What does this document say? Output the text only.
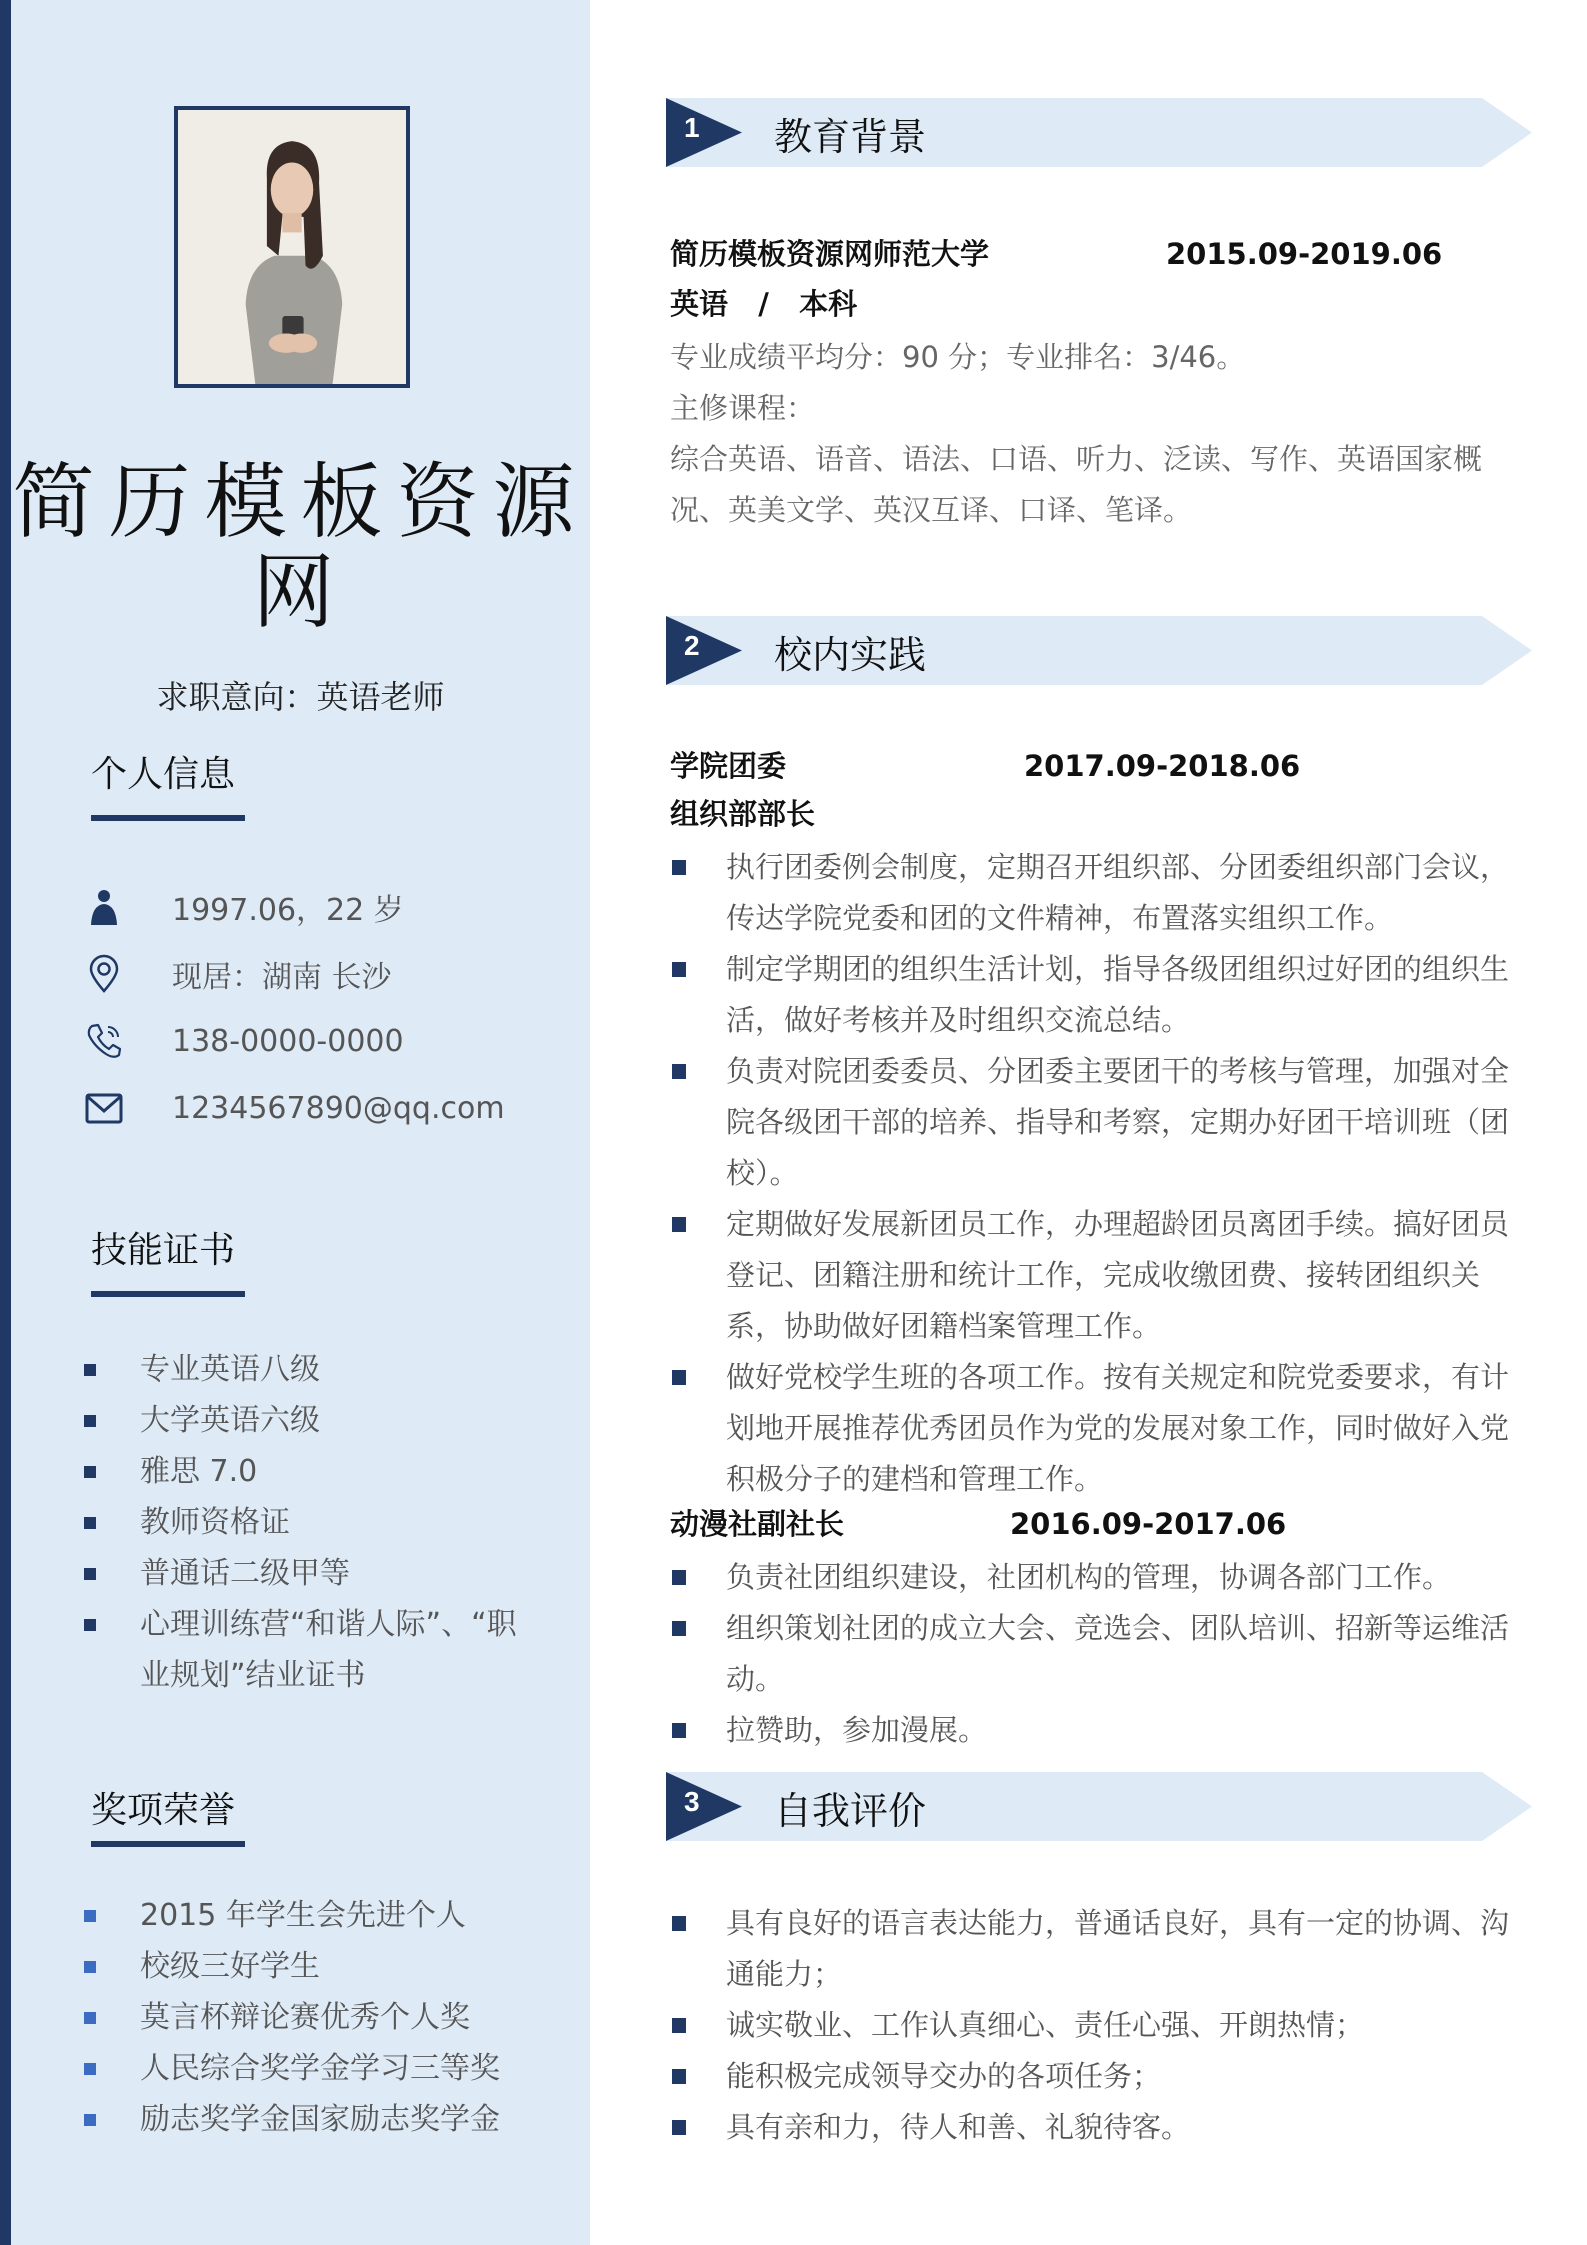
简历模板资源网
求职意向：英语老师
个人信息
1997.06，22 岁
现居：湖南 长沙
138-0000-0000
1234567890@qq.com
技能证书
专业英语八级
大学英语六级
雅思 7.0
教师资格证
普通话二级甲等
心理训练营“和谐人际”、“职业规划”结业证书
奖项荣誉
2015 年学生会先进个人
校级三好学生
莫言杯辩论赛优秀个人奖
人民综合奖学金学习三等奖
励志奖学金国家励志奖学金
1 教育背景
简历模板资源网师范大学	2015.09-2019.06
英语   /   本科
专业成绩平均分：90 分；专业排名：3/46。
主修课程：
综合英语、语音、语法、口语、听力、泛读、写作、英语国家概况、英美文学、英汉互译、口译、笔译。
2 校内实践
学院团委	2017.09-2018.06
组织部部长
执行团委例会制度，定期召开组织部、分团委组织部门会议，传达学院党委和团的文件精神，布置落实组织工作。
制定学期团的组织生活计划，指导各级团组织过好团的组织生活，做好考核并及时组织交流总结。
负责对院团委委员、分团委主要团干的考核与管理，加强对全院各级团干部的培养、指导和考察，定期办好团干培训班（团校）。
定期做好发展新团员工作，办理超龄团员离团手续。搞好团员登记、团籍注册和统计工作，完成收缴团费、接转团组织关系，协助做好团籍档案管理工作。
做好党校学生班的各项工作。按有关规定和院党委要求，有计划地开展推荐优秀团员作为党的发展对象工作，同时做好入党积极分子的建档和管理工作。
动漫社副社长	2016.09-2017.06
负责社团组织建设，社团机构的管理，协调各部门工作。
组织策划社团的成立大会、竞选会、团队培训、招新等运维活动。
拉赞助，参加漫展。
3 自我评价
具有良好的语言表达能力，普通话良好，具有一定的协调、沟通能力；
诚实敬业、工作认真细心、责任心强、开朗热情；
能积极完成领导交办的各项任务；
具有亲和力，待人和善、礼貌待客。
